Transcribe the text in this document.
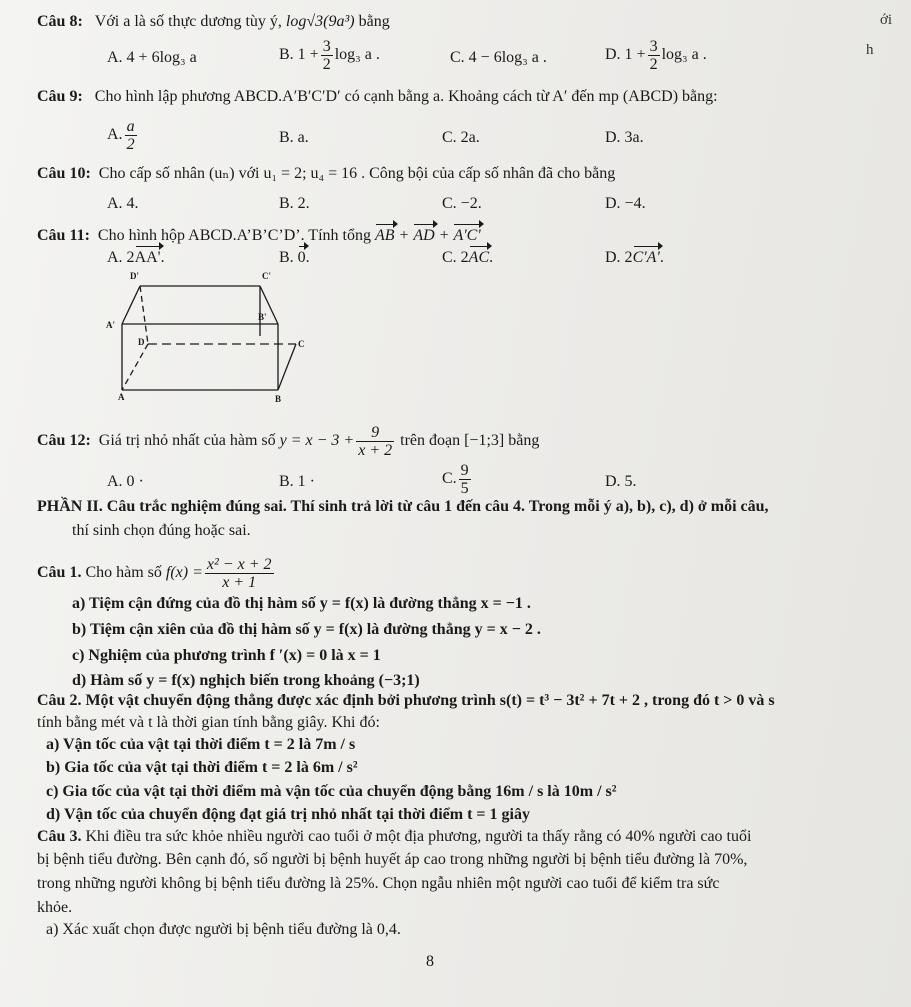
ới
h
Câu 8: Với a là số thực dương tùy ý, log√3(9a³) bằng
A. 4 + 6log₃ a	B. $1 + \frac{3}{2} \log_3$ a .	C. 4 − 6log₃ a .	D. $1 + \frac{3}{2} \log_3$ a .
Câu 9: Cho hình lập phương ABCD.A′B′C′D′ có cạnh bằng a. Khoảng cách từ A′ đến mp (ABCD) bằng:
A. $\frac{a}{2}$	B. a.	C. 2a.	D. 3a.
Câu 10: Cho cấp số nhân (uₙ) với u₁ = 2; u₄ = 16 . Công bội của cấp số nhân đã cho bằng
A. 4.	B. 2.	C. −2.	D. −4.
Câu 11: Cho hình hộp ABCD.A’B’C’D’. Tính tổng AB + AD + A'C'
A. 2AA'.	B. 0.	C. 2AC.	D. 2C'A'.
D'	C'
A'
B'
D	C
A	B
Câu 12: Giá trị nhỏ nhất của hàm số $y = x - 3 + \frac{9}{x + 2}$ trên đoạn [−1;3] bằng
A. 0 ·	B. 1 ·	C. $\frac{9}{5}$	D. 5.
PHẦN II. Câu trắc nghiệm đúng sai. Thí sinh trả lời từ câu 1 đến câu 4. Trong mỗi ý a), b), c), d) ở mỗi câu,
thí sinh chọn đúng hoặc sai.
Câu 1. Cho hàm số $f(x) = \frac{\text{x² − x + 2}}{x + 1}$
a) Tiệm cận đứng của đồ thị hàm số y = f(x) là đường thẳng x = −1 .
b) Tiệm cận xiên của đồ thị hàm số y = f(x) là đường thẳng y = x − 2 .
c) Nghiệm của phương trình f ′(x) = 0 là x = 1
d) Hàm số y = f(x) nghịch biến trong khoảng (−3;1)
Câu 2. Một vật chuyển động thẳng được xác định bởi phương trình s(t) = t³ − 3t² + 7t + 2 , trong đó t > 0 và s
tính bằng mét và t là thời gian tính bằng giây. Khi đó:
a) Vận tốc của vật tại thời điểm t = 2 là 7m / s
b) Gia tốc của vật tại thời điểm t = 2 là 6m / s²
c) Gia tốc của vật tại thời điểm mà vận tốc của chuyển động bằng 16m / s là 10m / s²
d) Vận tốc của chuyển động đạt giá trị nhỏ nhất tại thời điểm t = 1 giây
Câu 3. Khi điều tra sức khỏe nhiều người cao tuổi ở một địa phương, người ta thấy rằng có 40% người cao tuổi
bị bệnh tiểu đường. Bên cạnh đó, số người bị bệnh huyết áp cao trong những người bị bệnh tiểu đường là 70%,
trong những người không bị bệnh tiểu đường là 25%. Chọn ngẫu nhiên một người cao tuổi để kiểm tra sức
khỏe.
a) Xác xuất chọn được người bị bệnh tiểu đường là 0,4.
8
